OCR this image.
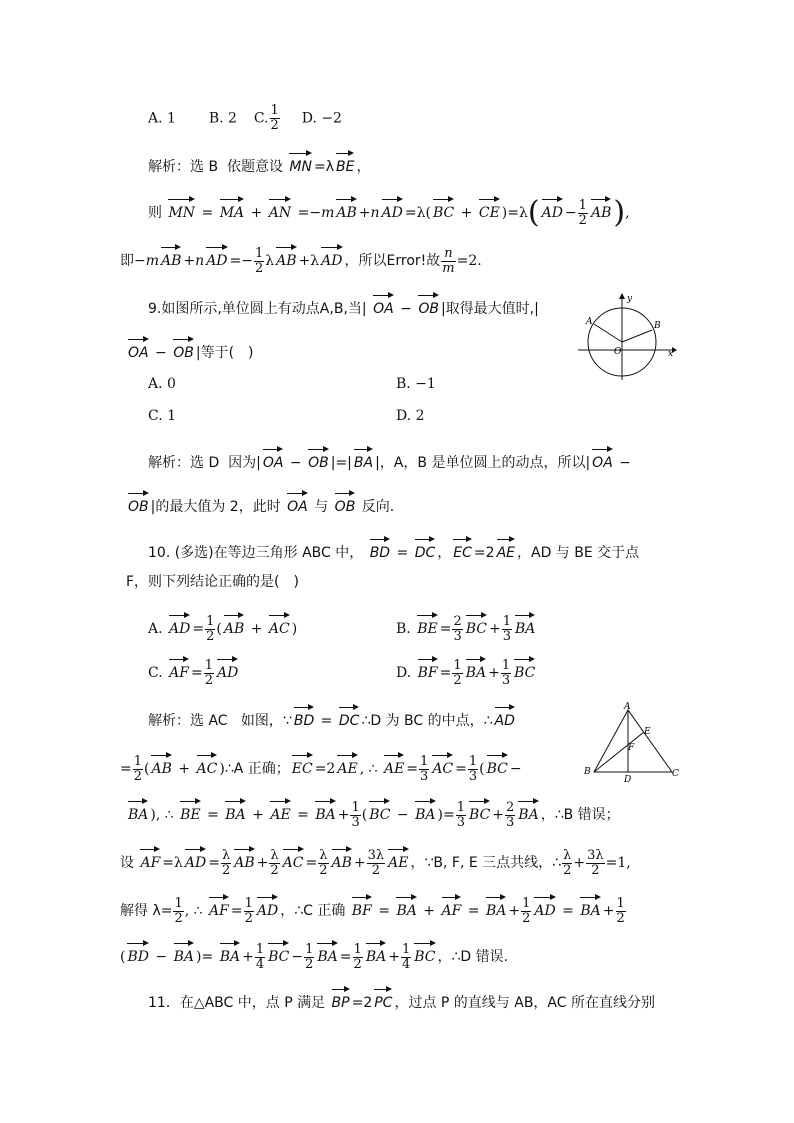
A. 1 B. 2 C. $\frac{1}{2} D$. −2
解析：选 B 依题意设 MN =λ BE ，
则 MN = MA + AN =−m AB +n AD =λ( BC + CE )=λ( AD − $\frac{1}{2} AB$),
即−m AB +n AD =− $\frac{1}{2}$ λ AB +λ AD ，所以Error!故 $\frac{n}{m} =2$.
9.如图所示,单位圆上有动点A,B,当| OA − OB |取得最大值时,|
OA − OB |等于(　)
y
x
A	B
O
A. 0	B. −1
C. 1	D. 2
解析：选 D 因为| OA − OB |=| BA |，A，B 是单位圆上的动点，所以| OA −
OB |的最大值为 2，此时 OA 与 OB 反向.
10. (多选)在等边三角形 ABC 中， BD = DC ， EC =2 AE ，AD 与 BE 交于点
F，则下列结论正确的是(　)
A. AD = $\frac{1}{2}$ ( AB + AC )	B. BE = $\frac{2}{3}$ BC + $\frac{1}{3}$ BA
C. AF = $\frac{1}{2}$ AD	D. BF = $\frac{1}{2}$ BA + $\frac{1}{3}$ BC
解析：选 AC 如图，∵ BD = DC ∴D 为 BC 的中点，∴ AD
A
E
F
B
D
C
= $\frac{1}{2}$ ( AB + AC )∴A 正确； EC =2 AE , ∴ AE = $\frac{1}{3}$ AC = $\frac{1}{3}$ ( BC −
BA ), ∴ BE = BA + AE = BA + $\frac{1}{3}$ ( BC − BA )= $\frac{1}{3}$ BC + $\frac{2}{3}$ BA ，∴B 错误；
设 AF =λ AD = $\frac{\lambda}{2}$ AB + $\frac{\lambda}{2}$ AC = $\frac{\lambda}{2}$ AB + $\frac{3\lambda}{2}$ AE ，∵B, F, E 三点共线，∴ $\frac{\lambda}{2} + \frac{3\lambda}{2} =1$,
解得 $\lambda= \frac{1}{2}$ , ∴ AF = $\frac{1}{2}$ AD ，∴C 正确 BF = BA + AF = BA + $\frac{1}{2}$ AD = BA + $\frac{1}{2}$
( BD − BA )= BA + $\frac{1}{4}$ BC − $\frac{1}{2}$ BA = $\frac{1}{2}$ BA + $\frac{1}{4}$ BC ，∴D 错误.
11．在△ABC 中，点 P 满足 BP =2 PC ，过点 P 的直线与 AB，AC 所在直线分别
